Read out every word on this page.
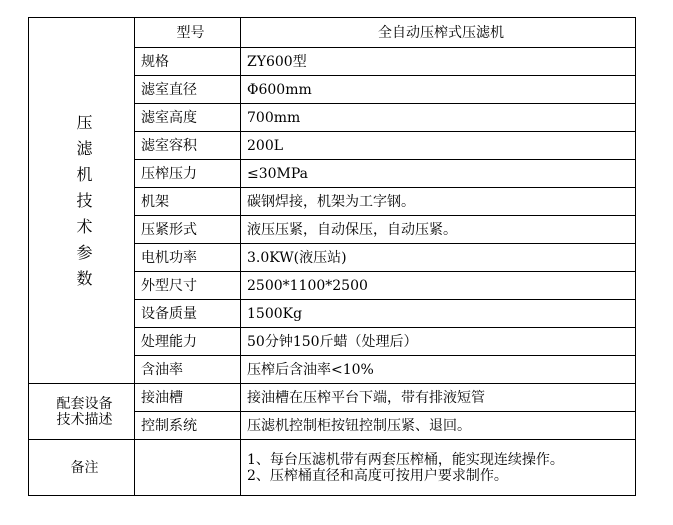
压滤机技术参数	型号	全自动压榨式压滤机
	规格	ZY600型
	滤室直径	Φ600mm
	滤室高度	700mm
	滤室容积	200L
	压榨压力	≤30MPa
	机架	碳钢焊接，机架为工字钢。
	压紧形式	液压压紧，自动保压，自动压紧。
	电机功率	3.0KW(液压站)
	外型尺寸	2500*1100*2500
	设备质量	1500Kg
	处理能力	50分钟150斤蜡（处理后）
	含油率	压榨后含油率<10%

配套设备
技术描述	接油槽	接油槽在压榨平台下端，带有排液短管
	控制系统	压滤机控制柜按钮控制压紧、退回。
备注		1、每台压滤机带有两套压榨桶，能实现连续操作。
2、压榨桶直径和高度可按用户要求制作。
